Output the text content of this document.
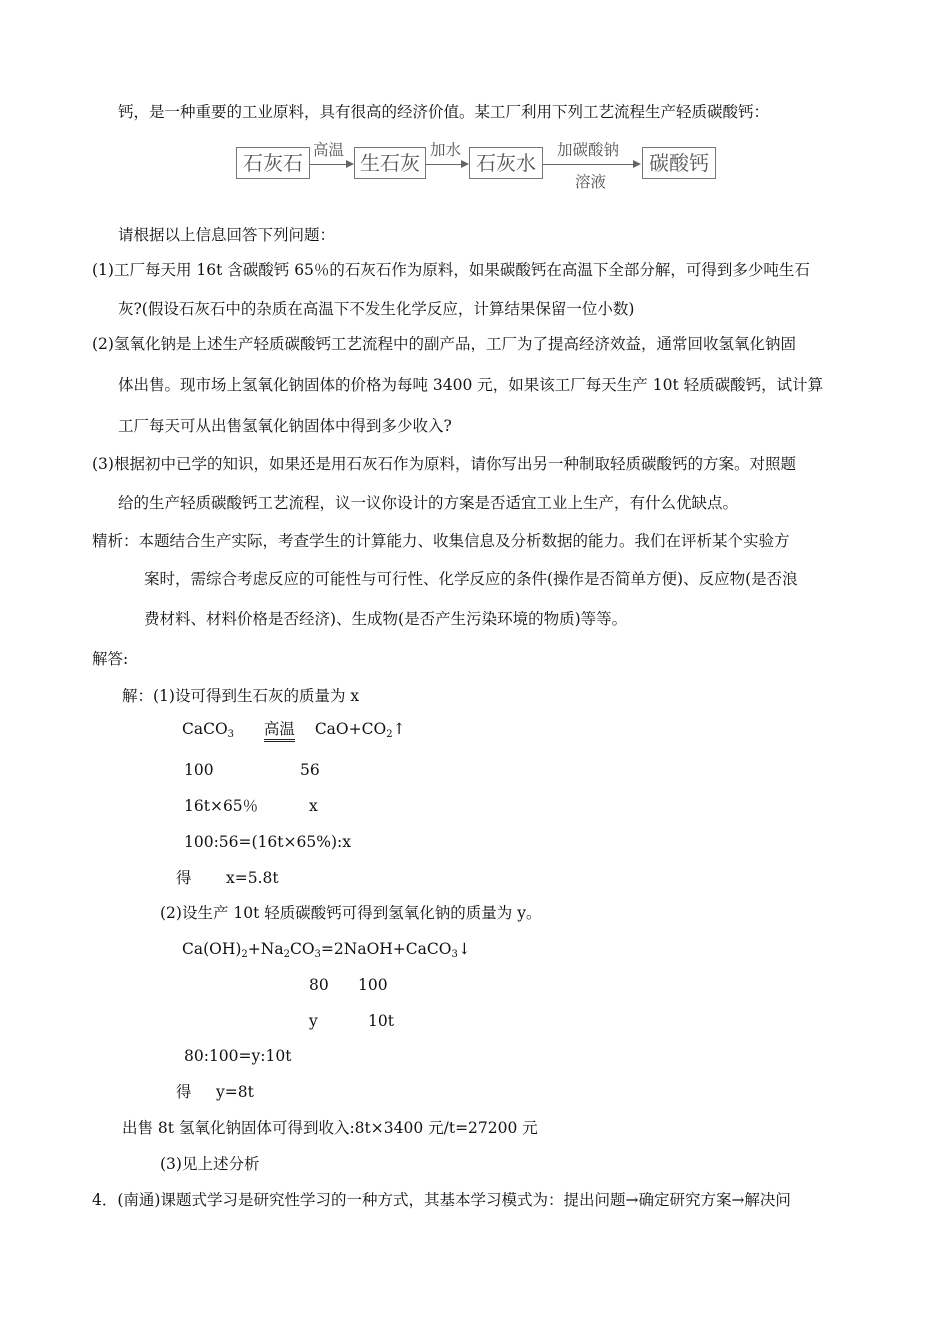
钙，是一种重要的工业原料，具有很高的经济价值。某工厂利用下列工艺流程生产轻质碳酸钙：
石灰石
高温
生石灰
加水
石灰水
加碳酸钠
溶液
碳酸钙
请根据以上信息回答下列问题：
(1)工厂每天用 16t 含碳酸钙 65％的石灰石作为原料，如果碳酸钙在高温下全部分解，可得到多少吨生石
灰?(假设石灰石中的杂质在高温下不发生化学反应，计算结果保留一位小数)
(2)氢氧化钠是上述生产轻质碳酸钙工艺流程中的副产品，工厂为了提高经济效益，通常回收氢氧化钠固
体出售。现市场上氢氧化钠固体的价格为每吨 3400 元，如果该工厂每天生产 10t 轻质碳酸钙，试计算
工厂每天可从出售氢氧化钠固体中得到多少收入?
(3)根据初中已学的知识，如果还是用石灰石作为原料，请你写出另一种制取轻质碳酸钙的方案。对照题
给的生产轻质碳酸钙工艺流程，议一议你设计的方案是否适宜工业上生产，有什么优缺点。
精析：本题结合生产实际，考查学生的计算能力、收集信息及分析数据的能力。我们在评析某个实验方
案时，需综合考虑反应的可能性与可行性、化学反应的条件(操作是否简单方便)、反应物(是否浪
费材料、材料价格是否经济)、生成物(是否产生污染环境的物质)等等。
解答:
解：(1)设可得到生石灰的质量为 x
CaCO$_3$ 高温 $CaO+CO_2↑$
100	56
16t×65％	x
100:56=(16t×65%):x
得 x=5.8t
(2)设生产 10t 轻质碳酸钙可得到氢氧化钠的质量为 y。
$Ca(OH)_2+Na_2CO_3=2NaOH+CaCO_3↓$
80 100
y	10t
80:100=y:10t
得 y=8t
出售 8t 氢氧化钠固体可得到收入:8t×3400 元/t=27200 元
(3)见上述分析
4．(南通)课题式学习是研究性学习的一种方式，其基本学习模式为：提出问题→确定研究方案→解决问
